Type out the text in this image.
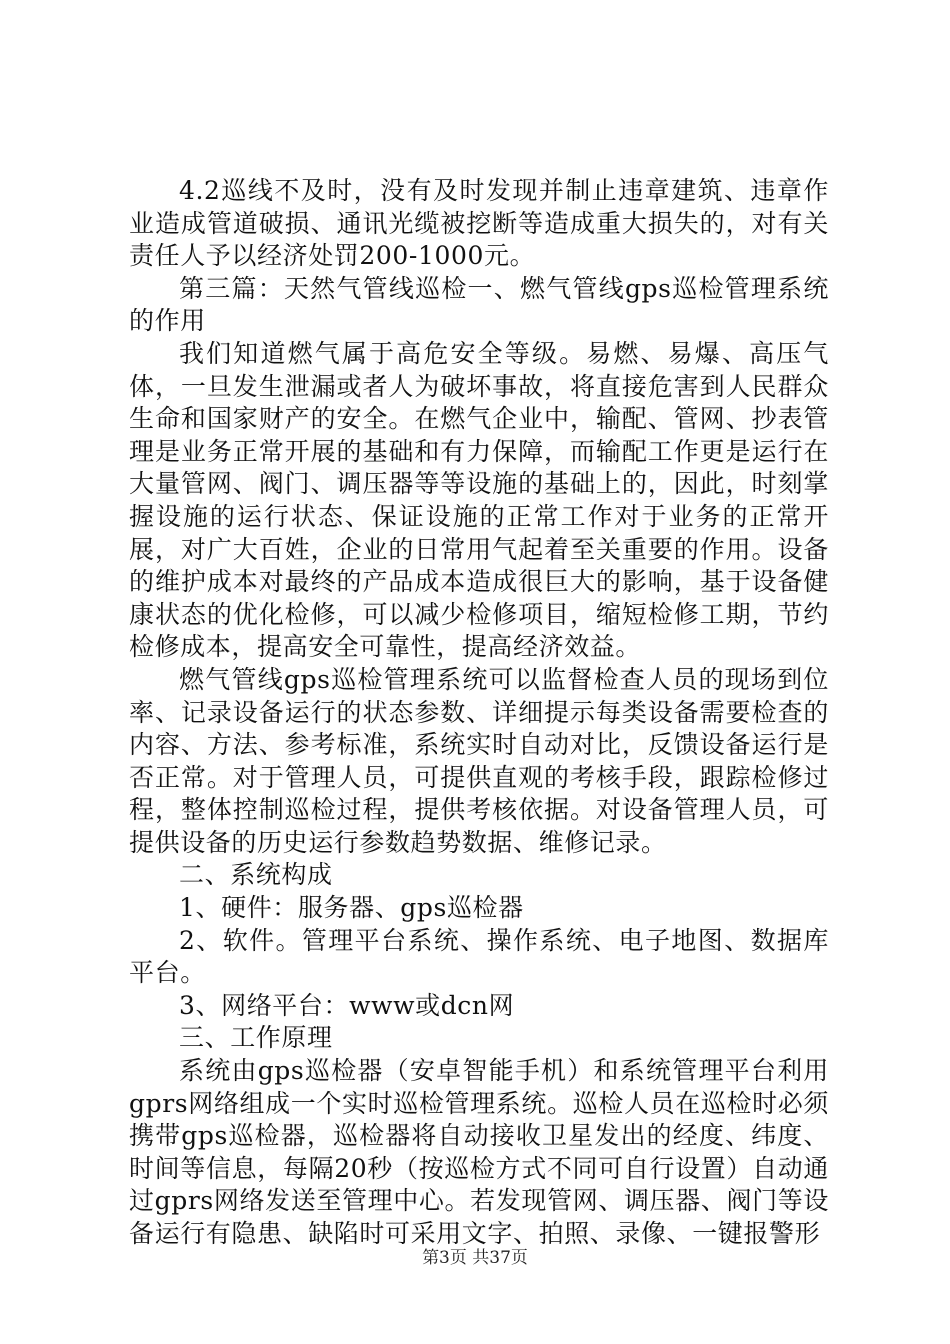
4.2巡线不及时，没有及时发现并制止违章建筑、违章作业造成管道破损、通讯光缆被挖断等造成重大损失的，对有关责任人予以经济处罚200-1000元。

第三篇：天然气管线巡检一、燃气管线gps巡检管理系统的作用

我们知道燃气属于高危安全等级。易燃、易爆、高压气体，一旦发生泄漏或者人为破坏事故，将直接危害到人民群众生命和国家财产的安全。在燃气企业中，输配、管网、抄表管理是业务正常开展的基础和有力保障，而输配工作更是运行在大量管网、阀门、调压器等等设施的基础上的，因此，时刻掌握设施的运行状态、保证设施的正常工作对于业务的正常开展，对广大百姓，企业的日常用气起着至关重要的作用。设备的维护成本对最终的产品成本造成很巨大的影响，基于设备健康状态的优化检修，可以减少检修项目，缩短检修工期，节约检修成本，提高安全可靠性，提高经济效益。

燃气管线gps巡检管理系统可以监督检查人员的现场到位率、记录设备运行的状态参数、详细提示每类设备需要检查的内容、方法、参考标准，系统实时自动对比，反馈设备运行是否正常。对于管理人员，可提供直观的考核手段，跟踪检修过程，整体控制巡检过程，提供考核依据。对设备管理人员，可提供设备的历史运行参数趋势数据、维修记录。

二、系统构成

1、硬件：服务器、gps巡检器

2、软件。管理平台系统、操作系统、电子地图、数据库平台。

3、网络平台：www或dcn网

三、工作原理

系统由gps巡检器（安卓智能手机）和系统管理平台利用gprs网络组成一个实时巡检管理系统。巡检人员在巡检时必须携带gps巡检器，巡检器将自动接收卫星发出的经度、纬度、时间等信息，每隔20秒（按巡检方式不同可自行设置）自动通过gprs网络发送至管理中心。若发现管网、调压器、阀门等设备运行有隐患、缺陷时可采用文字、拍照、录像、一键报警形

第3页 共37页
